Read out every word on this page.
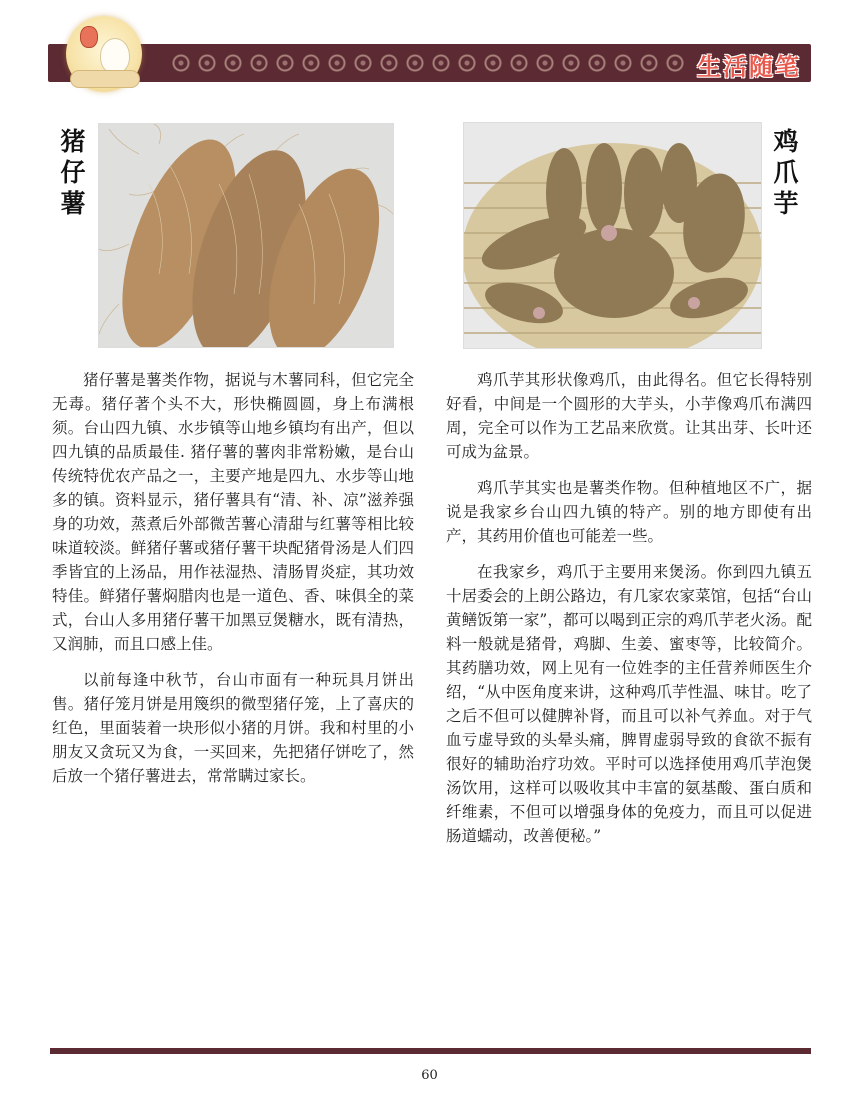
生活随笔
猪
仔
薯
鸡
爪
芋

猪仔薯是薯类作物，据说与木薯同科，但它完全无毒。猪仔著个头不大，形快椭圆圆，身上布满根须。台山四九镇、水步镇等山地乡镇均有出产，但以四九镇的品质最佳. 猪仔薯的薯肉非常粉嫩，是台山传统特优农产品之一，主要产地是四九、水步等山地多的镇。资料显示，猪仔薯具有“清、补、凉”滋养强身的功效，蒸煮后外部微苦薯心清甜与红薯等相比较味道较淡。鲜猪仔薯或猪仔薯干块配猪骨汤是人们四季皆宜的上汤品，用作祛湿热、清肠胃炎症，其功效特佳。鲜猪仔薯焖腊肉也是一道色、香、味俱全的菜式，台山人多用猪仔薯干加黑豆煲糖水，既有清热，又润肺，而且口感上佳。

以前每逢中秋节，台山市面有一种玩具月饼出售。猪仔笼月饼是用篾织的微型猪仔笼，上了喜庆的红色，里面装着一块形似小猪的月饼。我和村里的小朋友又贪玩又为食，一买回来，先把猪仔饼吃了，然后放一个猪仔薯进去，常常瞒过家长。

鸡爪芋其形状像鸡爪，由此得名。但它长得特别好看，中间是一个圆形的大芋头，小芋像鸡爪布满四周，完全可以作为工艺品来欣赏。让其出芽、长叶还可成为盆景。

鸡爪芋其实也是薯类作物。但种植地区不广，据说是我家乡台山四九镇的特产。别的地方即使有出产，其药用价值也可能差一些。

在我家乡，鸡爪于主要用来煲汤。你到四九镇五十居委会的上朗公路边，有几家农家菜馆，包括“台山黄鳝饭第一家”，都可以喝到正宗的鸡爪芋老火汤。配料一般就是猪骨，鸡脚、生姜、蜜枣等，比较简介。其药膳功效，网上见有一位姓李的主任营养师医生介绍，“从中医角度来讲，这种鸡爪芋性温、味甘。吃了之后不但可以健脾补肾，而且可以补气养血。对于气血亏虚导致的头晕头痛，脾胃虚弱导致的食欲不振有很好的辅助治疗功效。平时可以选择使用鸡爪芋泡煲汤饮用，这样可以吸收其中丰富的氨基酸、蛋白质和纤维素，不但可以增强身体的免疫力，而且可以促进肠道蠕动，改善便秘。”

60
